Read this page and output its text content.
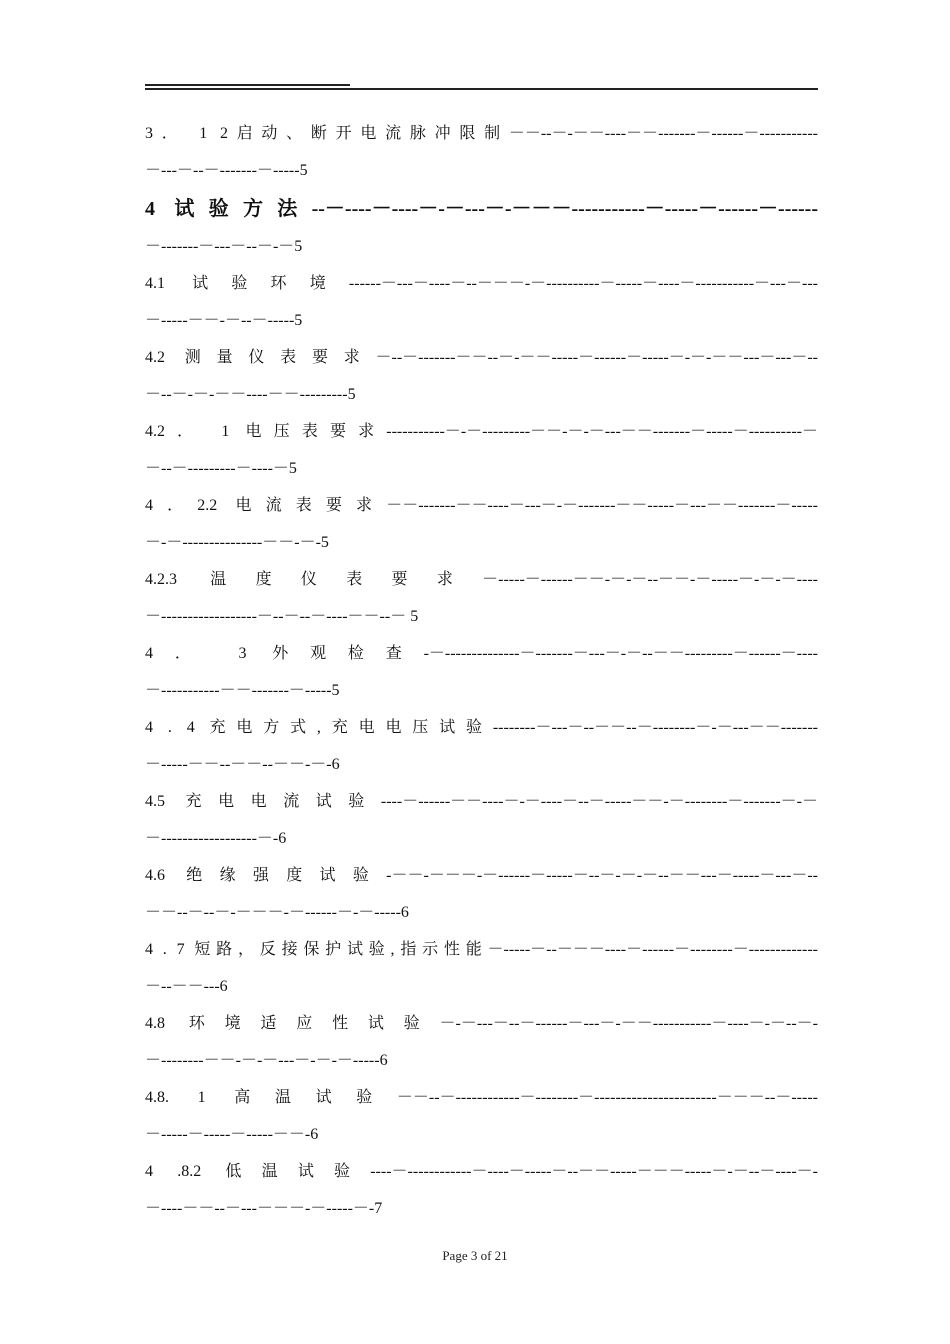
3． 1 2启动、断开电流脉冲限制－－--－-－－----－－-------－------－-----------
－---－--－-------－-----5
4 试验方法--－----－----－-－---－-－－－-----------－-----－------－------
－-------－---－--－-－5
4.1 试验环境------－---－----－--－－－-－----------－-----－----－-----------－---－---
－-----－－-－--－-----5
4.2 测量仪表要求－--－-------－－--－-－－-----－------－-----－-－-－－---－---－--
－--－-－-－－----－－---------5
4.2． 1 电压表要求-----------－-－---------－－-－-－---－－-------－-----－----------－
－--－---------－----－5
4．2.2 电流表要求－－-------－－----－---－-－-------－－-----－---－－-------－-----
－-－---------------－－-－-5
4.2.3 温度仪表要求－-----－------－－-－-－--－－-－-----－-－-－----
－------------------－--－--－----－－--－ 5
4． 3 外观检查-－--------------－-------－---－-－--－－---------－------－----
－-----------－－-------－-----5
4 . 4 充电方式,充电电压试验--------－---－--－－--－--------－-－---－－-------
－-----－－--－－--－－-－-6
4.5 充电电流试验----－------－－----－-－----－--－-----－－-－--------－-------－-－
－------------------－-6
4.6 绝缘强度试验-－－-－－－-－------－-----－--－-－-－--－－---－-----－---－--
－－--－--－-－－－-－------－-－-----6
4 . 7 短路，反接保护试验,指示性能－-----－--－－－----－------－--------－-------------
－--－－---6
4.8 环境适应性试验－-－---－--－------－---－-－－-----------－----－-－--－-
－--------－－-－-－---－-－-－-----6
4.8. 1 高温试验－－--－------------－--------－-----------------------－－－--－-----
－-----－-----－-----－－-6
4 .8.2 低温试验----－------------－----－-----－--－－-----－－－-----－-－--－----－-
－----－－--－---－－－-－-----－-7
Page 3 of 21
